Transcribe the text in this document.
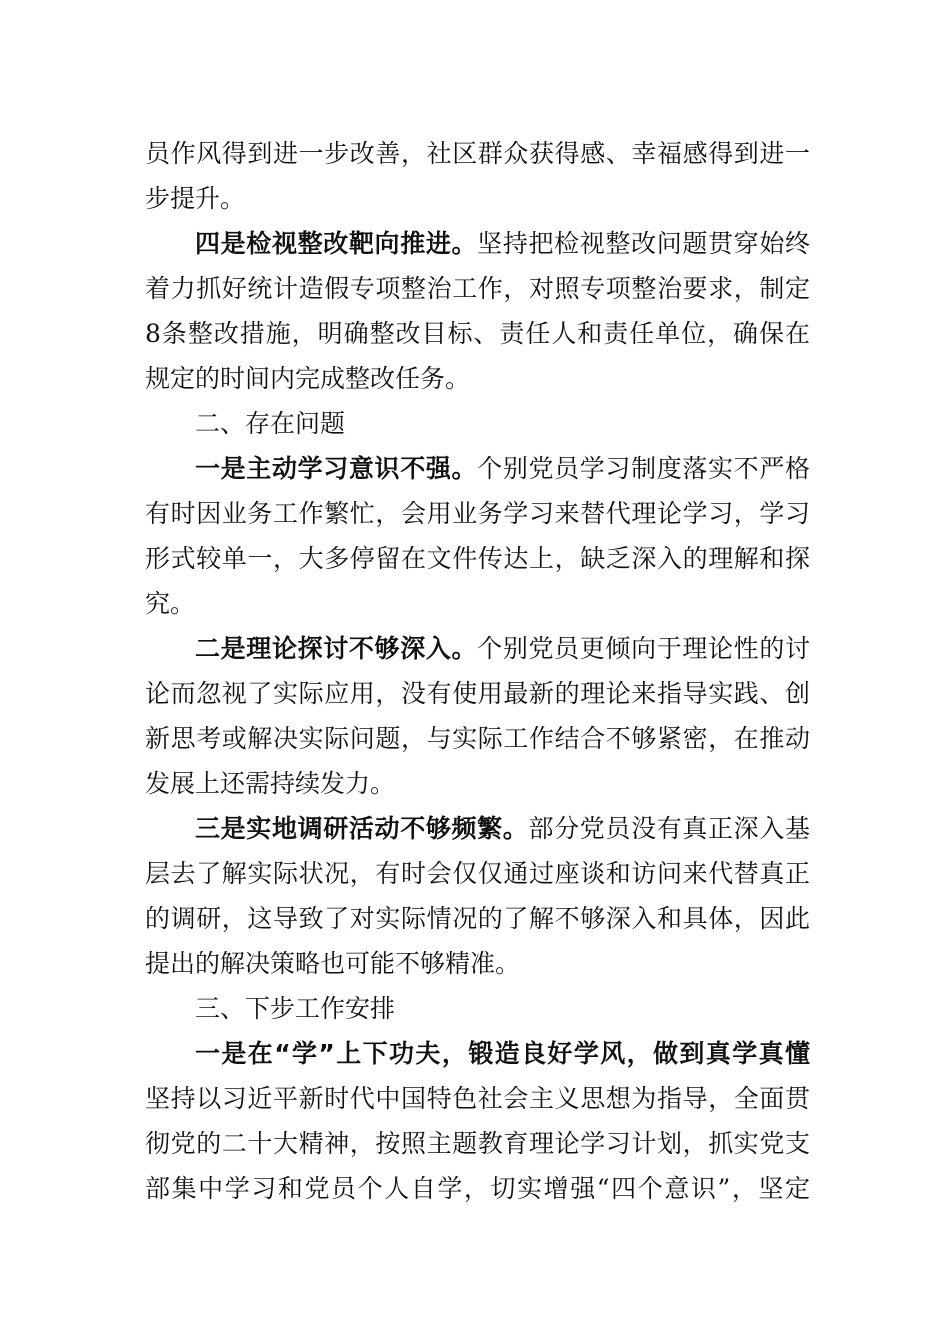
员作风得到进一步改善，社区群众获得感、幸福感得到进一
步提升。
四是检视整改靶向推进。坚持把检视整改问题贯穿始终
着力抓好统计造假专项整治工作，对照专项整治要求，制定
8条整改措施，明确整改目标、责任人和责任单位，确保在
规定的时间内完成整改任务。
二、存在问题
一是主动学习意识不强。个别党员学习制度落实不严格
有时因业务工作繁忙，会用业务学习来替代理论学习，学习
形式较单一，大多停留在文件传达上，缺乏深入的理解和探
究。
二是理论探讨不够深入。个别党员更倾向于理论性的讨
论而忽视了实际应用，没有使用最新的理论来指导实践、创
新思考或解决实际问题，与实际工作结合不够紧密，在推动
发展上还需持续发力。
三是实地调研活动不够频繁。部分党员没有真正深入基
层去了解实际状况，有时会仅仅通过座谈和访问来代替真正
的调研，这导致了对实际情况的了解不够深入和具体，因此
提出的解决策略也可能不够精准。
三、下步工作安排
一是在“学”上下功夫，锻造良好学风，做到真学真懂
坚持以习近平新时代中国特色社会主义思想为指导，全面贯
彻党的二十大精神，按照主题教育理论学习计划，抓实党支
部集中学习和党员个人自学，切实增强“四个意识”，坚定
